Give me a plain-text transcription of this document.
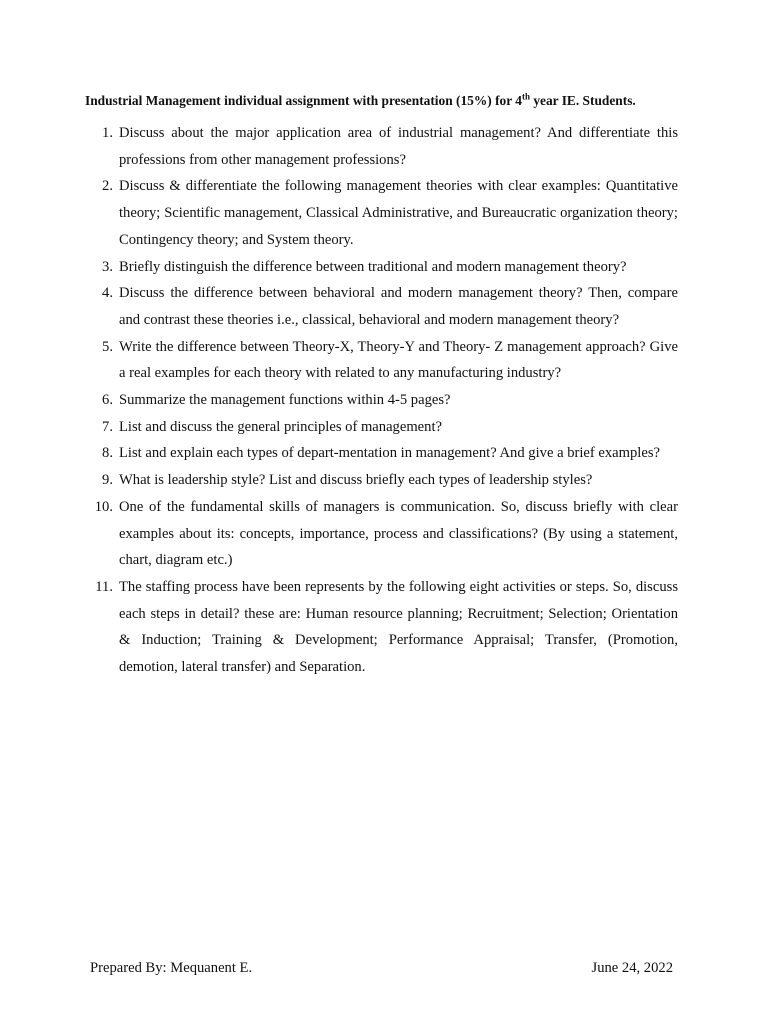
Industrial Management individual assignment with presentation (15%) for 4th year IE. Students.
1. Discuss about the major application area of industrial management? And differentiate this professions from other management professions?
2. Discuss & differentiate the following management theories with clear examples: Quantitative theory; Scientific management, Classical Administrative, and Bureaucratic organization theory; Contingency theory; and System theory.
3. Briefly distinguish the difference between traditional and modern management theory?
4. Discuss the difference between behavioral and modern management theory? Then, compare and contrast these theories i.e., classical, behavioral and modern management theory?
5. Write the difference between Theory-X, Theory-Y and Theory- Z management approach? Give a real examples for each theory with related to any manufacturing industry?
6. Summarize the management functions within 4-5 pages?
7. List and discuss the general principles of management?
8. List and explain each types of depart-mentation in management? And give a brief examples?
9. What is leadership style? List and discuss briefly each types of leadership styles?
10. One of the fundamental skills of managers is communication. So, discuss briefly with clear examples about its: concepts, importance, process and classifications? (By using a statement, chart, diagram etc.)
11. The staffing process have been represents by the following eight activities or steps. So, discuss each steps in detail? these are: Human resource planning; Recruitment; Selection; Orientation & Induction; Training & Development; Performance Appraisal; Transfer, (Promotion, demotion, lateral transfer) and Separation.
Prepared By: Mequanent E.	June 24, 2022
